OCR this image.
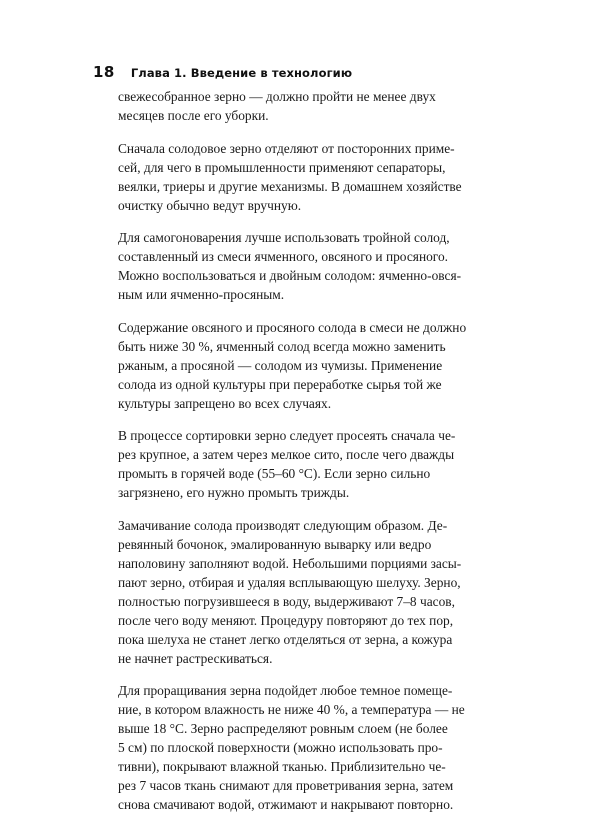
18 Глава 1. Введение в технологию

свежесобранное зерно — должно пройти не менее двух
месяцев после его уборки.

Сначала солодовое зерно отделяют от посторонних приме-
сей, для чего в промышленности применяют сепараторы,
веялки, триеры и другие механизмы. В домашнем хозяйстве
очистку обычно ведут вручную.

Для самогоноварения лучше использовать тройной солод,
составленный из смеси ячменного, овсяного и просяного.
Можно воспользоваться и двойным солодом: ячменно-овся-
ным или ячменно-просяным.

Содержание овсяного и просяного солода в смеси не должно
быть ниже 30 %, ячменный солод всегда можно заменить
ржаным, а просяной — солодом из чумизы. Применение
солода из одной культуры при переработке сырья той же
культуры запрещено во всех случаях.

В процессе сортировки зерно следует просеять сначала че-
рез крупное, а затем через мелкое сито, после чего дважды
промыть в горячей воде (55–60 °С). Если зерно сильно
загрязнено, его нужно промыть трижды.

Замачивание солода производят следующим образом. Де-
ревянный бочонок, эмалированную выварку или ведро
наполовину заполняют водой. Небольшими порциями засы-
пают зерно, отбирая и удаляя всплывающую шелуху. Зерно,
полностью погрузившееся в воду, выдерживают 7–8 часов,
после чего воду меняют. Процедуру повторяют до тех пор,
пока шелуха не станет легко отделяться от зерна, а кожура
не начнет растрескиваться.

Для проращивания зерна подойдет любое темное помеще-
ние, в котором влажность не ниже 40 %, а температура — не
выше 18 °С. Зерно распределяют ровным слоем (не более
5 см) по плоской поверхности (можно использовать про-
тивни), покрывают влажной тканью. Приблизительно че-
рез 7 часов ткань снимают для проветривания зерна, затем
снова смачивают водой, отжимают и накрывают повторно.
